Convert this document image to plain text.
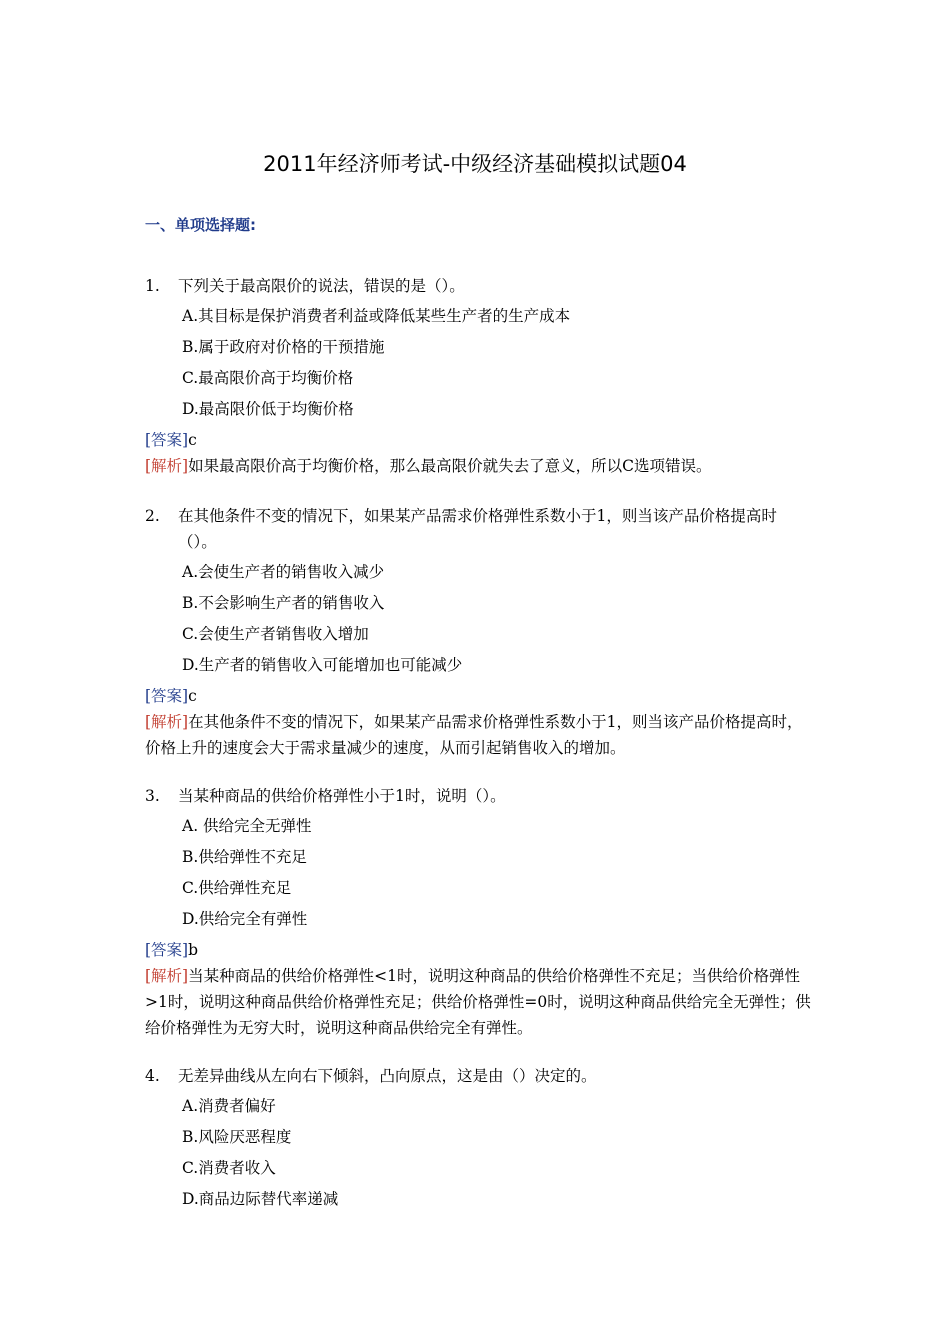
2011年经济师考试-中级经济基础模拟试题04
一、单项选择题:
1.	下列关于最高限价的说法，错误的是（）。
A.其目标是保护消费者利益或降低某些生产者的生产成本
B.属于政府对价格的干预措施
C.最高限价高于均衡价格
D.最高限价低于均衡价格
[答案]c
[解析]如果最高限价高于均衡价格，那么最高限价就失去了意义，所以C选项错误。
2.	在其他条件不变的情况下，如果某产品需求价格弹性系数小于1，则当该产品价格提高时（）。
A.会使生产者的销售收入减少
B.不会影响生产者的销售收入
C.会使生产者销售收入增加
D.生产者的销售收入可能增加也可能减少
[答案]c
[解析]在其他条件不变的情况下，如果某产品需求价格弹性系数小于1，则当该产品价格提高时，价格上升的速度会大于需求量减少的速度，从而引起销售收入的增加。
3.	当某种商品的供给价格弹性小于1时，说明（）。
A. 供给完全无弹性
B.供给弹性不充足
C.供给弹性充足
D.供给完全有弹性
[答案]b
[解析]当某种商品的供给价格弹性<1时，说明这种商品的供给价格弹性不充足；当供给价格弹性>1时，说明这种商品供给价格弹性充足；供给价格弹性=0时，说明这种商品供给完全无弹性；供给价格弹性为无穷大时，说明这种商品供给完全有弹性。
4.	无差异曲线从左向右下倾斜，凸向原点，这是由（）决定的。
A.消费者偏好
B.风险厌恶程度
C.消费者收入
D.商品边际替代率递减
